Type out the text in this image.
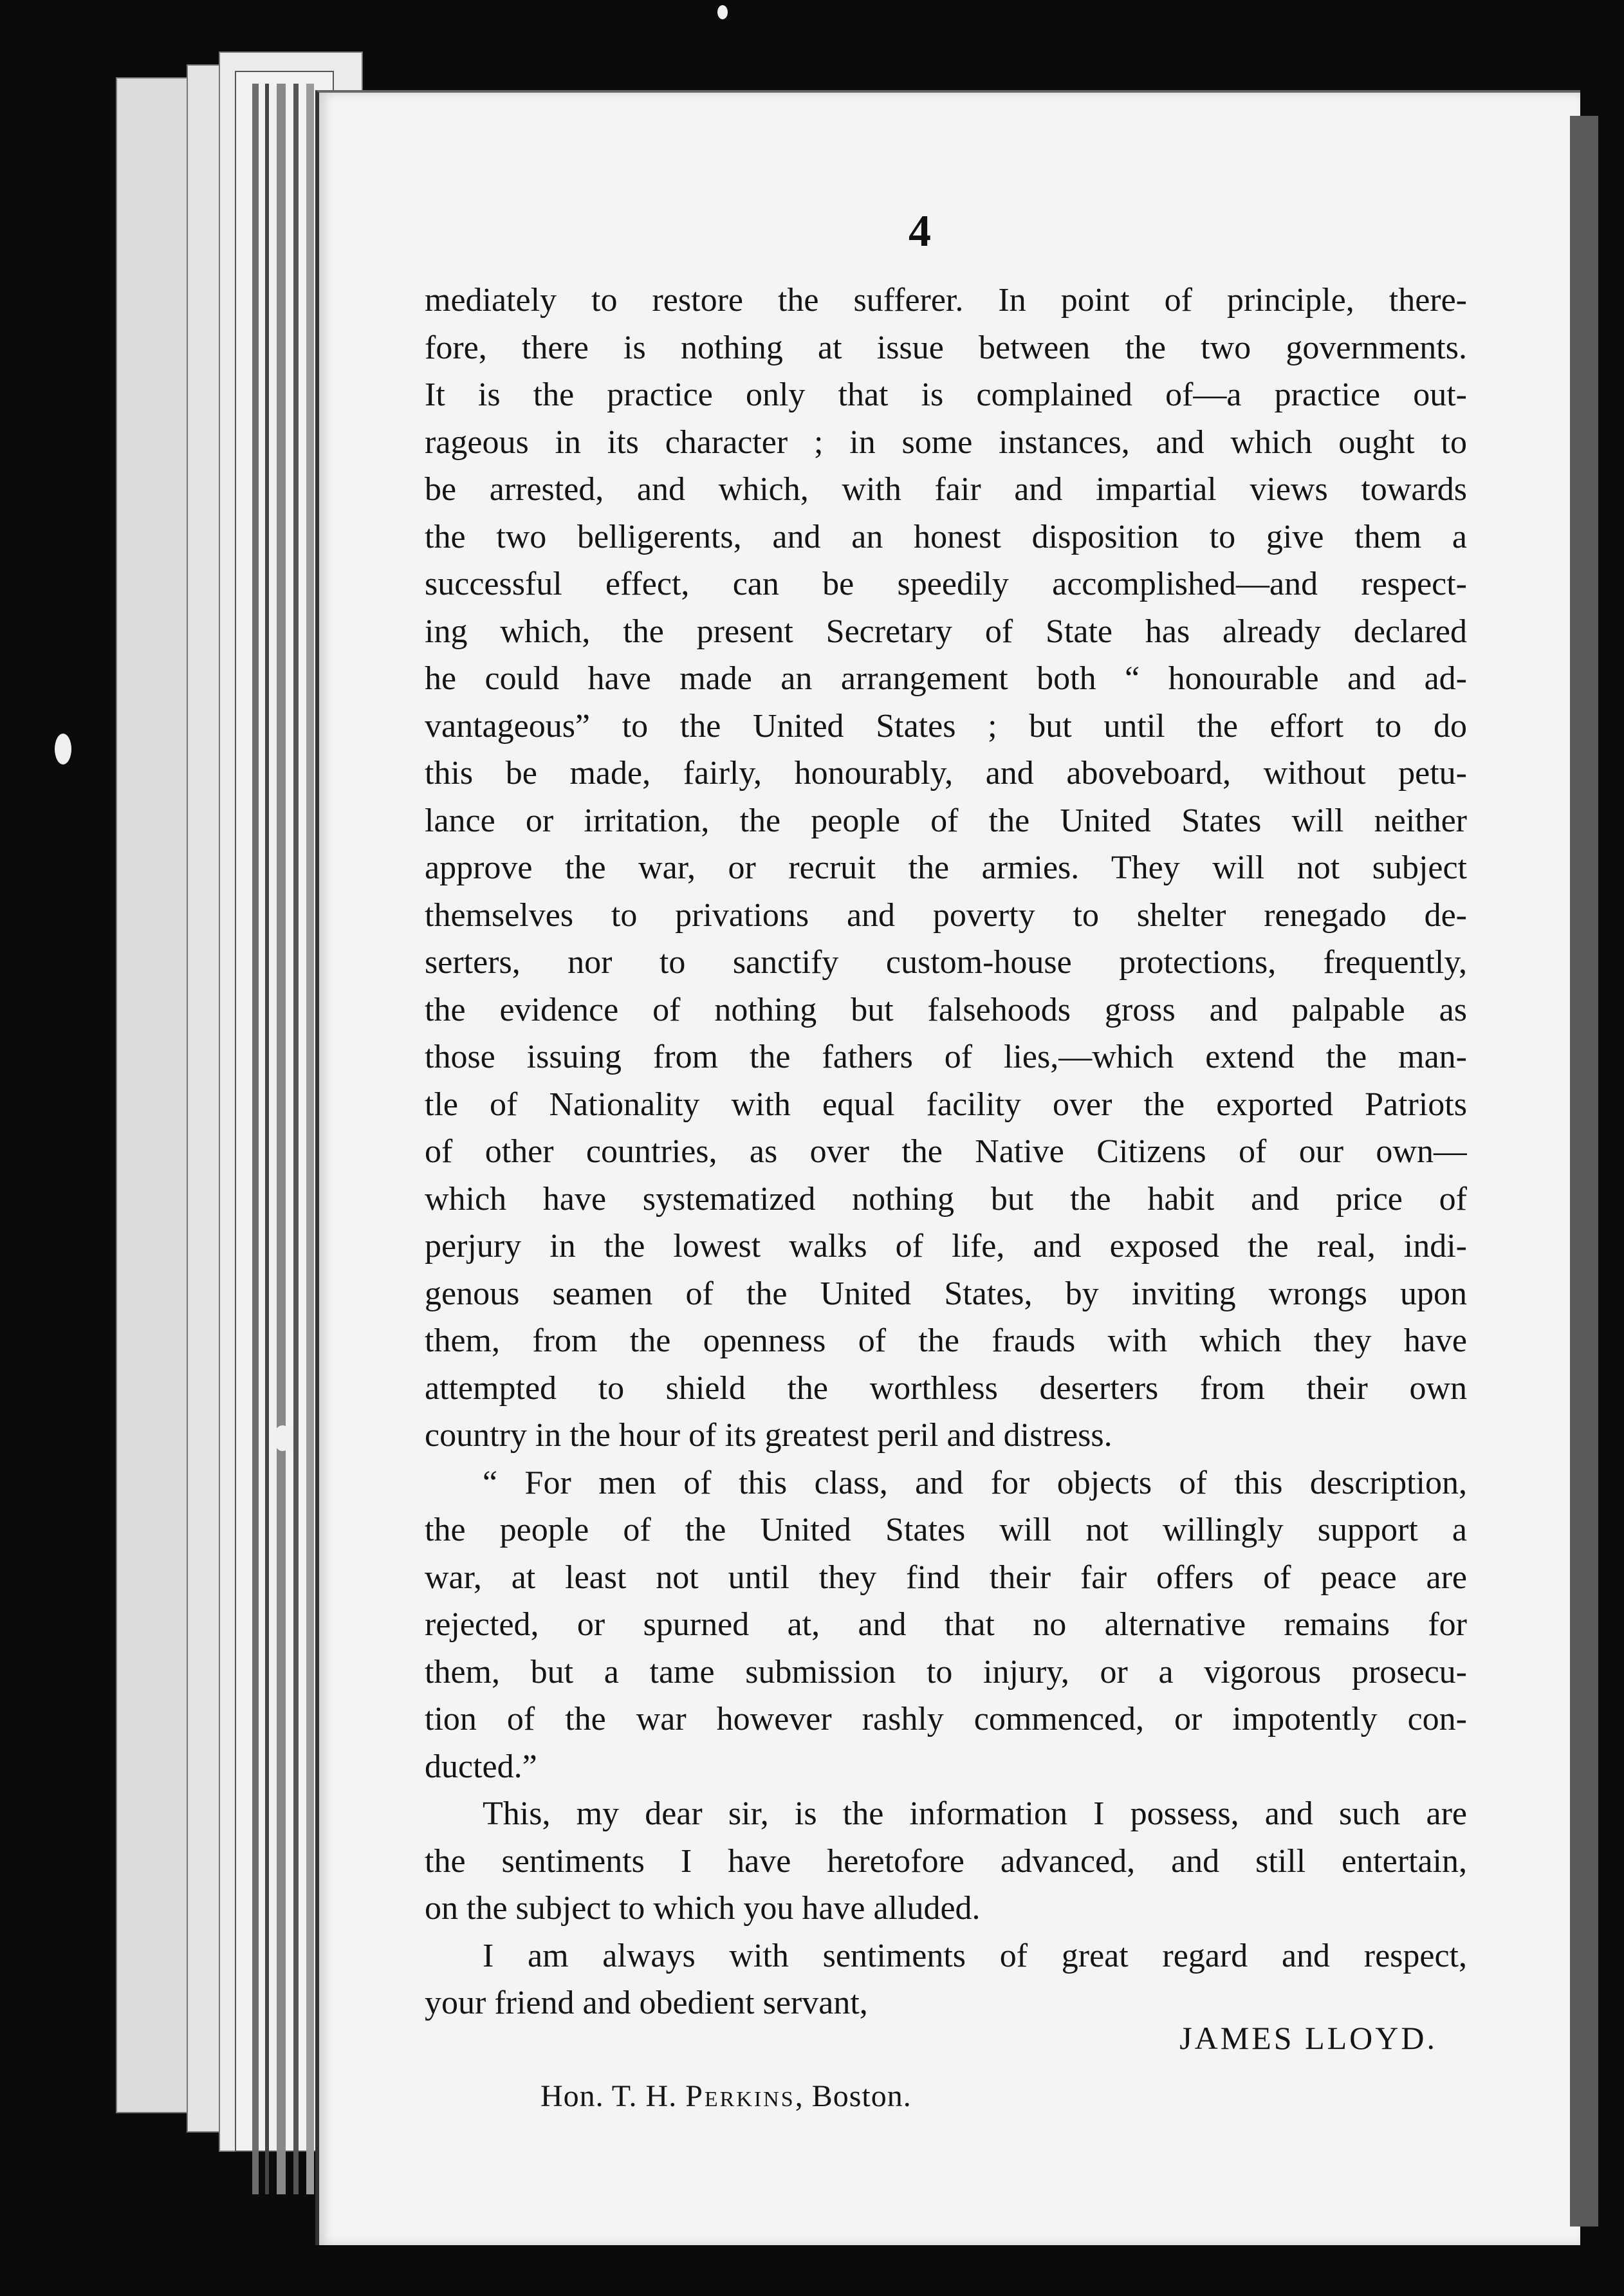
4
mediately to restore the sufferer. In point of principle, there-
fore, there is nothing at issue between the two governments.
It is the practice only that is complained of—a practice out-
rageous in its character ; in some instances, and which ought to
be arrested, and which, with fair and impartial views towards
the two belligerents, and an honest disposition to give them a
successful effect, can be speedily accomplished—and respect-
ing which, the present Secretary of State has already declared
he could have made an arrangement both “ honourable and ad-
vantageous” to the United States ; but until the effort to do
this be made, fairly, honourably, and aboveboard, without petu-
lance or irritation, the people of the United States will neither
approve the war, or recruit the armies. They will not subject
themselves to privations and poverty to shelter renegado de-
serters, nor to sanctify custom-house protections, frequently,
the evidence of nothing but falsehoods gross and palpable as
those issuing from the fathers of lies,—which extend the man-
tle of Nationality with equal facility over the exported Patriots
of other countries, as over the Native Citizens of our own—
which have systematized nothing but the habit and price of
perjury in the lowest walks of life, and exposed the real, indi-
genous seamen of the United States, by inviting wrongs upon
them, from the openness of the frauds with which they have
attempted to shield the worthless deserters from their own
country in the hour of its greatest peril and distress.
“ For men of this class, and for objects of this description,
the people of the United States will not willingly support a
war, at least not until they find their fair offers of peace are
rejected, or spurned at, and that no alternative remains for
them, but a tame submission to injury, or a vigorous prosecu-
tion of the war however rashly commenced, or impotently con-
ducted.”
This, my dear sir, is the information I possess, and such are
the sentiments I have heretofore advanced, and still entertain,
on the subject to which you have alluded.
I am always with sentiments of great regard and respect,
your friend and obedient servant,
JAMES LLOYD.
Hon. T. H. Perkins, Boston.
